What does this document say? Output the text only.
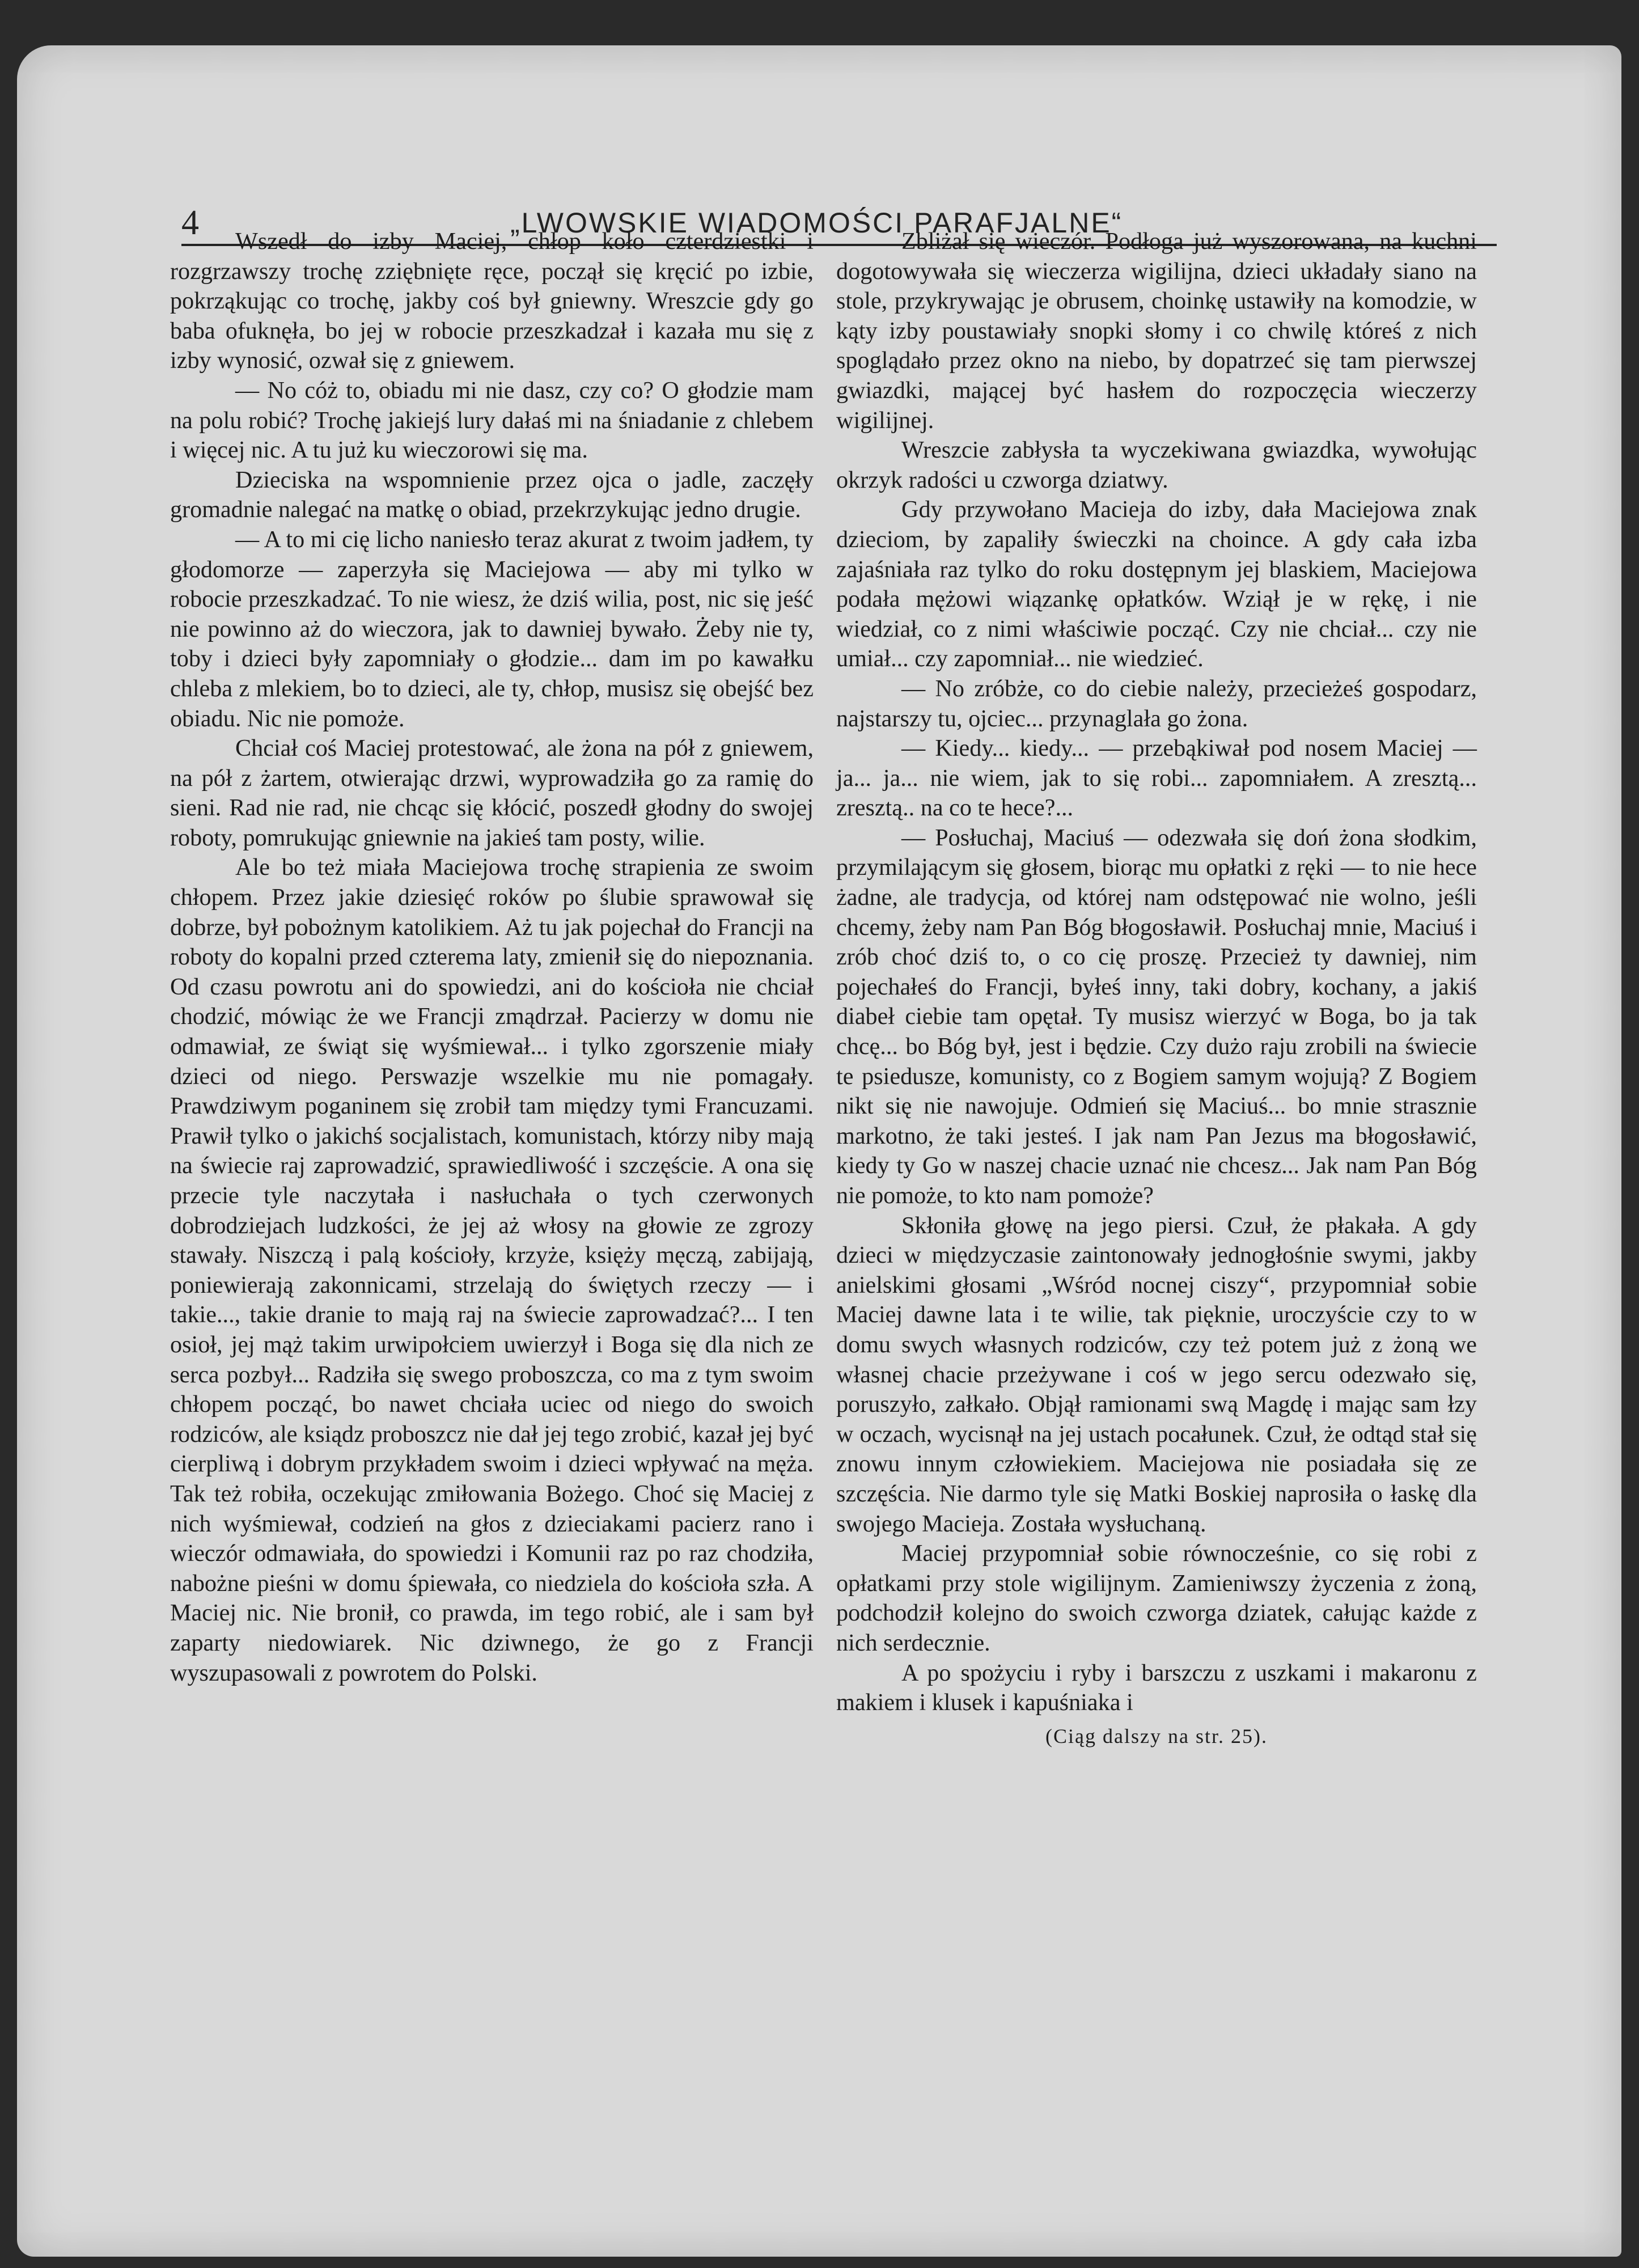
4	„LWOWSKIE WIADOMOŚCI PARAFJALNE“

Wszedł do izby Maciej, chłop koło czterdziestki i rozgrzawszy trochę zziębnięte ręce, począł się kręcić po izbie, pokrząkując co trochę, jakby coś był gniewny. Wreszcie gdy go baba ofuknęła, bo jej w robocie przeszkadzał i kazała mu się z izby wynosić, ozwał się z gniewem.

— No cóż to, obiadu mi nie dasz, czy co? O głodzie mam na polu robić? Trochę jakiejś lury dałaś mi na śniadanie z chlebem i więcej nic. A tu już ku wieczorowi się ma.

Dzieciska na wspomnienie przez ojca o jadle, zaczęły gromadnie nalegać na matkę o obiad, przekrzykując jedno drugie.

— A to mi cię licho naniesło teraz akurat z twoim jadłem, ty głodomorze — zaperzyła się Maciejowa — aby mi tylko w robocie przeszkadzać. To nie wiesz, że dziś wilia, post, nic się jeść nie powinno aż do wieczora, jak to dawniej bywało. Żeby nie ty, toby i dzieci były zapomniały o głodzie... dam im po kawałku chleba z mlekiem, bo to dzieci, ale ty, chłop, musisz się obejść bez obiadu. Nic nie pomoże.

Chciał coś Maciej protestować, ale żona na pół z gniewem, na pół z żartem, otwierając drzwi, wyprowadziła go za ramię do sieni. Rad nie rad, nie chcąc się kłócić, poszedł głodny do swojej roboty, pomrukując gniewnie na jakieś tam posty, wilie.

Ale bo też miała Maciejowa trochę strapienia ze swoim chłopem. Przez jakie dziesięć roków po ślubie sprawował się dobrze, był pobożnym katolikiem. Aż tu jak pojechał do Francji na roboty do kopalni przed czterema laty, zmienił się do niepoznania. Od czasu powrotu ani do spowiedzi, ani do kościoła nie chciał chodzić, mówiąc że we Francji zmądrzał. Pacierzy w domu nie odmawiał, ze świąt się wyśmiewał... i tylko zgorszenie miały dzieci od niego. Perswazje wszelkie mu nie pomagały. Prawdziwym poganinem się zrobił tam między tymi Francuzami. Prawił tylko o jakichś socjalistach, komunistach, którzy niby mają na świecie raj zaprowadzić, sprawiedliwość i szczęście. A ona się przecie tyle naczytała i nasłuchała o tych czerwonych dobrodziejach ludzkości, że jej aż włosy na głowie ze zgrozy stawały. Niszczą i palą kościoły, krzyże, księży męczą, zabijają, poniewierają zakonnicami, strzelają do świętych rzeczy — i takie..., takie dranie to mają raj na świecie zaprowadzać?... I ten osioł, jej mąż takim urwipołciem uwierzył i Boga się dla nich ze serca pozbył... Radziła się swego proboszcza, co ma z tym swoim chłopem począć, bo nawet chciała uciec od niego do swoich rodziców, ale ksiądz proboszcz nie dał jej tego zrobić, kazał jej być cierpliwą i dobrym przykładem swoim i dzieci wpływać na męża. Tak też robiła, oczekując zmiłowania Bożego. Choć się Maciej z nich wyśmiewał, codzień na głos z dzieciakami pacierz rano i wieczór odmawiała, do spowiedzi i Komunii raz po raz chodziła, nabożne pieśni w domu śpiewała, co niedziela do kościoła szła. A Maciej nic. Nie bronił, co prawda, im tego robić, ale i sam był zaparty niedowiarek. Nic dziwnego, że go z Francji wyszupasowali z powrotem do Polski.

Zbliżał się wieczór. Podłoga już wyszorowana, na kuchni dogotowywała się wieczerza wigilijna, dzieci układały siano na stole, przykrywając je obrusem, choinkę ustawiły na komodzie, w kąty izby poustawiały snopki słomy i co chwilę któreś z nich spoglądało przez okno na niebo, by dopatrzeć się tam pierwszej gwiazdki, mającej być hasłem do rozpoczęcia wieczerzy wigilijnej.

Wreszcie zabłysła ta wyczekiwana gwiazdka, wywołując okrzyk radości u czworga dziatwy.

Gdy przywołano Macieja do izby, dała Maciejowa znak dzieciom, by zapaliły świeczki na choince. A gdy cała izba zajaśniała raz tylko do roku dostępnym jej blaskiem, Maciejowa podała mężowi wiązankę opłatków. Wziął je w rękę, i nie wiedział, co z nimi właściwie począć. Czy nie chciał... czy nie umiał... czy zapomniał... nie wiedzieć.

— No zróbże, co do ciebie należy, przecieżeś gospodarz, najstarszy tu, ojciec... przynaglała go żona.

— Kiedy... kiedy... — przebąkiwał pod nosem Maciej — ja... ja... nie wiem, jak to się robi... zapomniałem. A zresztą... zresztą.. na co te hece?...

— Posłuchaj, Maciuś — odezwała się doń żona słodkim, przymilającym się głosem, biorąc mu opłatki z ręki — to nie hece żadne, ale tradycja, od której nam odstępować nie wolno, jeśli chcemy, żeby nam Pan Bóg błogosławił. Posłuchaj mnie, Maciuś i zrób choć dziś to, o co cię proszę. Przecież ty dawniej, nim pojechałeś do Francji, byłeś inny, taki dobry, kochany, a jakiś diabeł ciebie tam opętał. Ty musisz wierzyć w Boga, bo ja tak chcę... bo Bóg był, jest i będzie. Czy dużo raju zrobili na świecie te psiedusze, komunisty, co z Bogiem samym wojują? Z Bogiem nikt się nie nawojuje. Odmień się Maciuś... bo mnie strasznie markotno, że taki jesteś. I jak nam Pan Jezus ma błogosławić, kiedy ty Go w naszej chacie uznać nie chcesz... Jak nam Pan Bóg nie pomoże, to kto nam pomoże?

Skłoniła głowę na jego piersi. Czuł, że płakała. A gdy dzieci w międzyczasie zaintonowały jednogłośnie swymi, jakby anielskimi głosami „Wśród nocnej ciszy“, przypomniał sobie Maciej dawne lata i te wilie, tak pięknie, uroczyście czy to w domu swych własnych rodziców, czy też potem już z żoną we własnej chacie przeżywane i coś w jego sercu odezwało się, poruszyło, załkało. Objął ramionami swą Magdę i mając sam łzy w oczach, wycisnął na jej ustach pocałunek. Czuł, że odtąd stał się znowu innym człowiekiem. Maciejowa nie posiadała się ze szczęścia. Nie darmo tyle się Matki Boskiej naprosiła o łaskę dla swojego Macieja. Została wysłuchaną.

Maciej przypomniał sobie równocześnie, co się robi z opłatkami przy stole wigilijnym. Zamieniwszy życzenia z żoną, podchodził kolejno do swoich czworga dziatek, całując każde z nich serdecznie.

A po spożyciu i ryby i barszczu z uszkami i makaronu z makiem i klusek i kapuśniaka i

(Ciąg dalszy na str. 25).
